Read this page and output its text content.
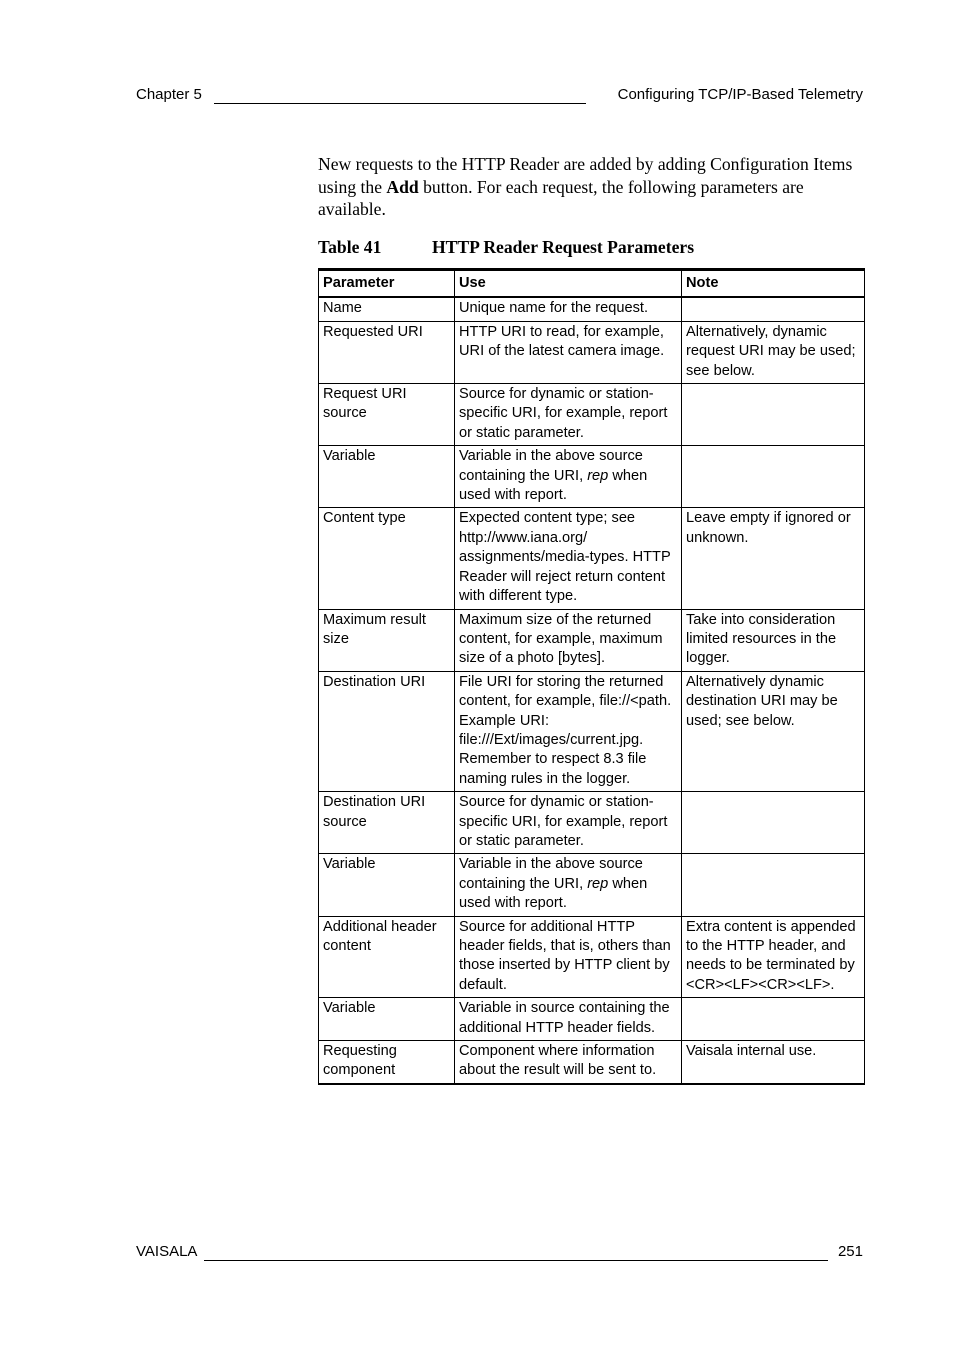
Chapter 5	Configuring TCP/IP-Based Telemetry

New requests to the HTTP Reader are added by adding Configuration Items using the Add button. For each request, the following parameters are available.

Table 41	HTTP Reader Request Parameters
Parameter	Use	Note
Name	Unique name for the request.	
Requested URI	HTTP URI to read, for example, URI of the latest camera image.	Alternatively, dynamic request URI may be used; see below.
Request URI source	Source for dynamic or station-specific URI, for example, report or static parameter.	
Variable	Variable in the above source containing the URI, rep when used with report.	
Content type	Expected content type; see http://www.iana.org/ assignments/media-types. HTTP Reader will reject return content with different type.	Leave empty if ignored or unknown.
Maximum result size	Maximum size of the returned content, for example, maximum size of a photo [bytes].	Take into consideration limited resources in the logger.
Destination URI	File URI for storing the returned content, for example, file://<path. Example URI: file:///Ext/images/current.jpg. Remember to respect 8.3 file naming rules in the logger.	Alternatively dynamic destination URI may be used; see below.
Destination URI source	Source for dynamic or station-specific URI, for example, report or static parameter.	
Variable	Variable in the above source containing the URI, rep when used with report.	
Additional header content	Source for additional HTTP header fields, that is, others than those inserted by HTTP client by default.	Extra content is appended to the HTTP header, and needs to be terminated by <CR><LF><CR><LF>.
Variable	Variable in source containing the additional HTTP header fields.	
Requesting component	Component where information about the result will be sent to.	Vaisala internal use.
VAISALA	251
